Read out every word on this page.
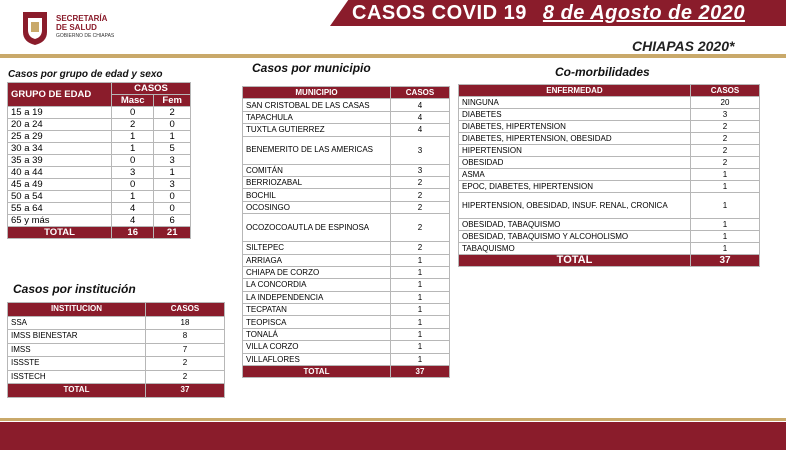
SECRETARÍA
DE SALUD
GOBIERNO DE CHIAPAS
CASOS COVID 19 8 de Agosto de 2020
CHIAPAS 2020*
Casos por grupo de edad y sexo
GRUPO DE EDAD	CASOS	
	Masc	Fem
15 a 19	0	2
20 a 24	2	0
25 a 29	1	1
30 a 34	1	5
35 a 39	0	3
40 a 44	3	1
45 a 49	0	3
50 a 54	1	0
55 a 64	4	0
65 y más	4	6
TOTAL	16	21
Casos por institución
INSTITUCION	CASOS
SSA	18
IMSS BIENESTAR	8
IMSS	7
ISSSTE	2
ISSTECH	2
TOTAL	37
Casos por municipio
MUNICIPIO	CASOS
SAN CRISTOBAL DE LAS CASAS	4
TAPACHULA	4
TUXTLA GUTIERREZ	4
BENEMERITO DE LAS AMERICAS	3
COMITÁN	3
BERRIOZABAL	2
BOCHIL	2
OCOSINGO	2
OCOZOCOAUTLA DE ESPINOSA	2
SILTEPEC	2
ARRIAGA	1
CHIAPA DE CORZO	1
LA CONCORDIA	1
LA INDEPENDENCIA	1
TECPATAN	1
TEOPISCA	1
TONALÁ	1
VILLA CORZO	1
VILLAFLORES	1
TOTAL	37
Co-morbilidades
ENFERMEDAD	CASOS
NINGUNA	20
DIABETES	3
DIABETES, HIPERTENSION	2
DIABETES, HIPERTENSION, OBESIDAD	2
HIPERTENSION	2
OBESIDAD	2
ASMA	1
EPOC, DIABETES, HIPERTENSION	1
HIPERTENSION, OBESIDAD, INSUF. RENAL, CRONICA	1
OBESIDAD, TABAQUISMO	1
OBESIDAD, TABAQUISMO Y ALCOHOLISMO	1
TABAQUISMO	1
TOTAL	37
